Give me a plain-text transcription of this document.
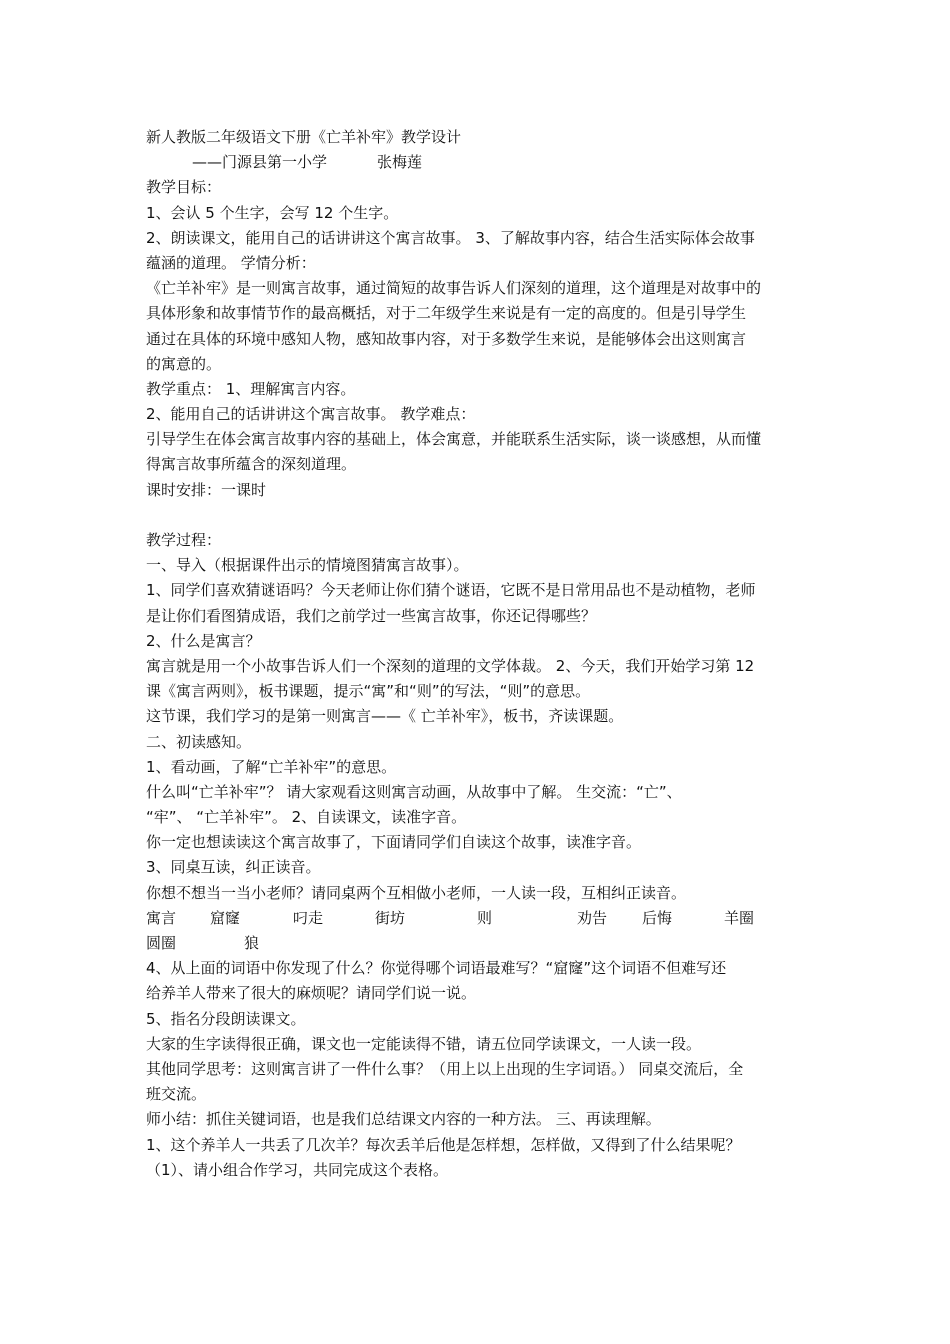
新人教版二年级语文下册《亡羊补牢》教学设计
——门源县第一小学	张梅莲
教学目标：
1、会认 5 个生字，会写 12 个生字。
2、朗读课文，能用自己的话讲讲这个寓言故事。 3、了解故事内容，结合生活实际体会故事
蕴涵的道理。 学情分析：
《亡羊补牢》是一则寓言故事，通过简短的故事告诉人们深刻的道理，这个道理是对故事中的
具体形象和故事情节作的最高概括，对于二年级学生来说是有一定的高度的。但是引导学生
通过在具体的环境中感知人物，感知故事内容，对于多数学生来说，是能够体会出这则寓言
的寓意的。
教学重点： 1、理解寓言内容。
2、能用自己的话讲讲这个寓言故事。 教学难点：
引导学生在体会寓言故事内容的基础上，体会寓意，并能联系生活实际，谈一谈感想，从而懂
得寓言故事所蕴含的深刻道理。
课时安排：一课时
教学过程：
一、导入（根据课件出示的情境图猜寓言故事）。
1、同学们喜欢猜谜语吗？今天老师让你们猜个谜语，它既不是日常用品也不是动植物，老师
是让你们看图猜成语，我们之前学过一些寓言故事，你还记得哪些？
2、什么是寓言？
寓言就是用一个小故事告诉人们一个深刻的道理的文学体裁。 2、今天，我们开始学习第 12
课《寓言两则》，板书课题，提示“寓”和“则”的写法，“则”的意思。
这节课，我们学习的是第一则寓言——《 亡羊补牢》，板书，齐读课题。
二、初读感知。
1、看动画，了解“亡羊补牢”的意思。
什么叫“亡羊补牢”？ 请大家观看这则寓言动画，从故事中了解。 生交流：“亡”、
“牢”、 “亡羊补牢”。 2、自读课文，读准字音。
你一定也想读读这个寓言故事了，下面请同学们自读这个故事，读准字音。
3、同桌互读，纠正读音。
你想不想当一当小老师？请同桌两个互相做小老师，一人读一段，互相纠正读音。
寓言 窟窿	叼走	街坊	则	劝告 后悔	羊圈
圆圈	狼
4、从上面的词语中你发现了什么？你觉得哪个词语最难写？“窟窿”这个词语不但难写还
给养羊人带来了很大的麻烦呢？请同学们说一说。
5、指名分段朗读课文。
大家的生字读得很正确，课文也一定能读得不错，请五位同学读课文，一人读一段。
其他同学思考：这则寓言讲了一件什么事？（用上以上出现的生字词语。） 同桌交流后，全
班交流。
师小结：抓住关键词语，也是我们总结课文内容的一种方法。 三、再读理解。
1、这个养羊人一共丢了几次羊？每次丢羊后他是怎样想，怎样做，又得到了什么结果呢？
（1）、请小组合作学习，共同完成这个表格。
